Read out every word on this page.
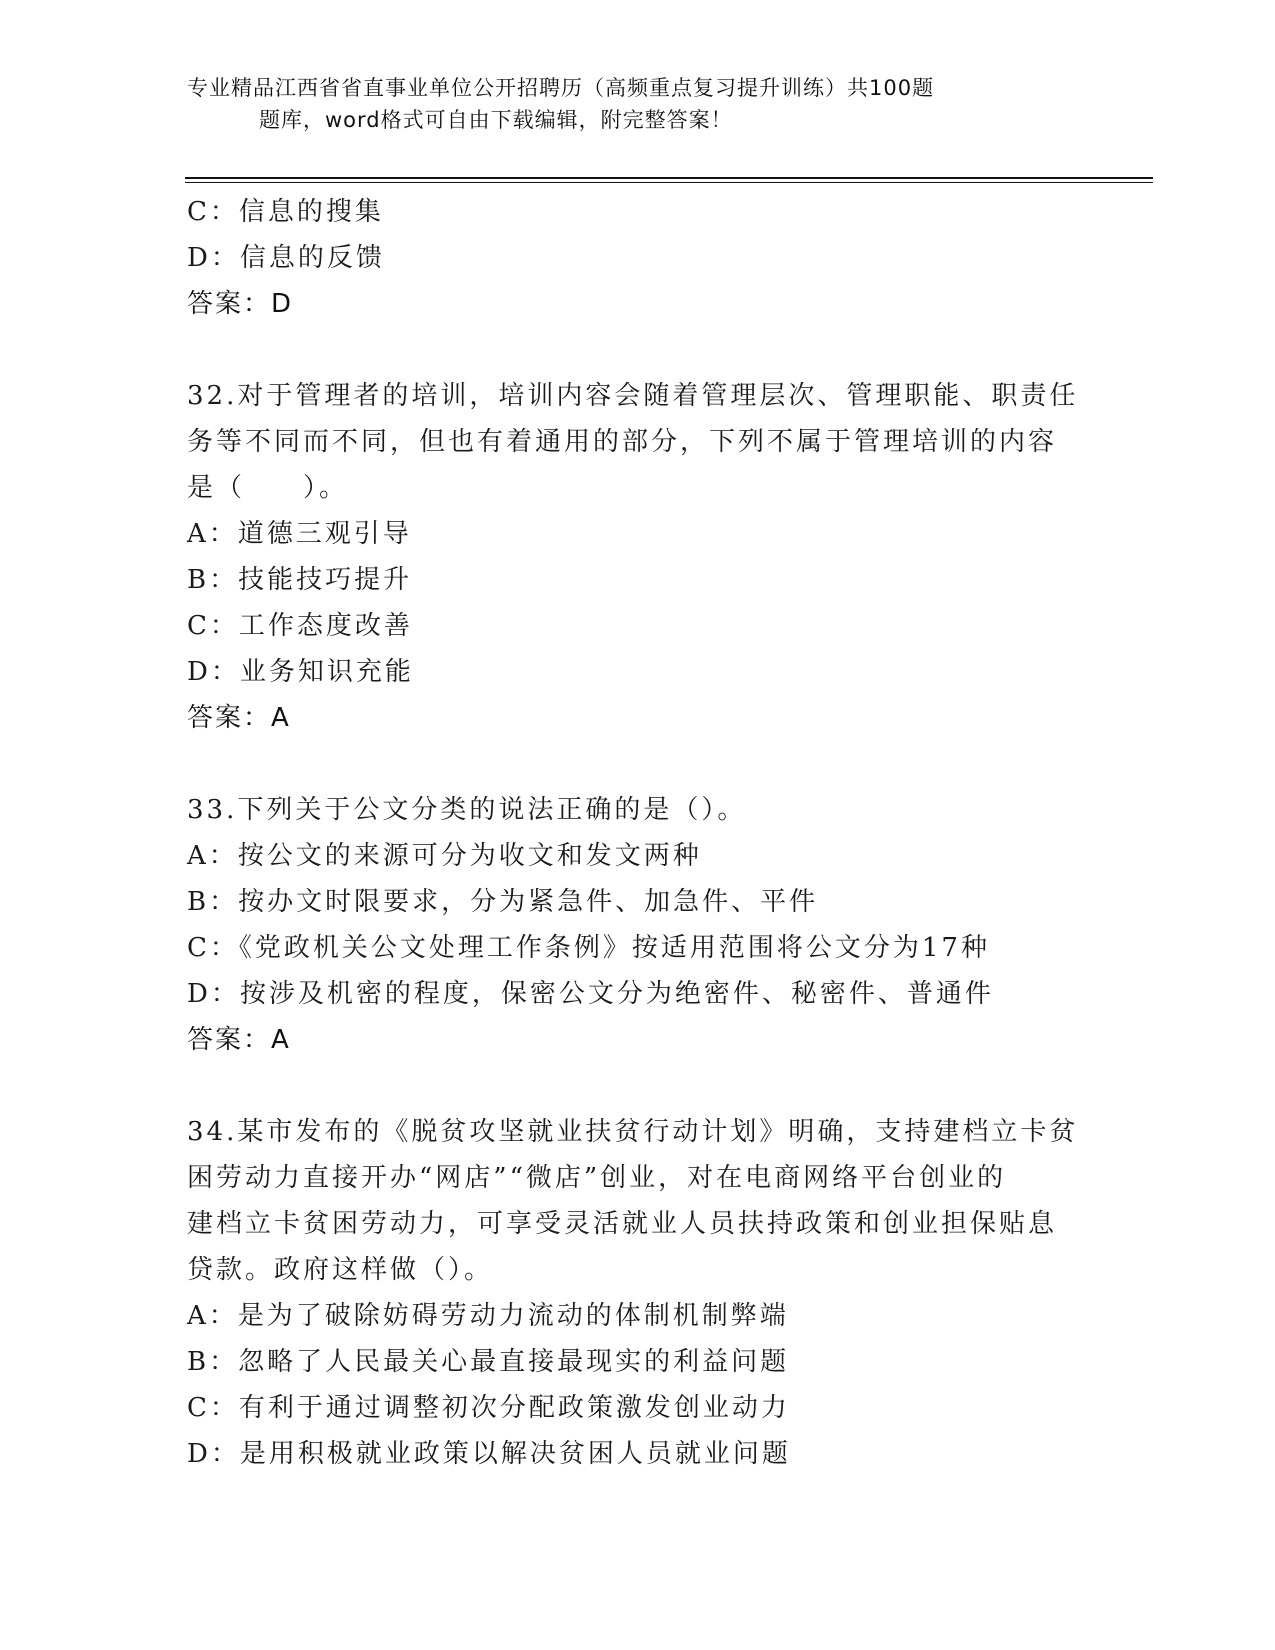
专业精品江西省省直事业单位公开招聘历（高频重点复习提升训练）共100题
题库，word格式可自由下载编辑，附完整答案！
C：信息的搜集
D：信息的反馈
答案：D
32.对于管理者的培训，培训内容会随着管理层次、管理职能、职责任
务等不同而不同，但也有着通用的部分，下列不属于管理培训的内容
是（　　）。
A：道德三观引导
B：技能技巧提升
C：工作态度改善
D：业务知识充能
答案：A
33.下列关于公文分类的说法正确的是（）。
A：按公文的来源可分为收文和发文两种
B：按办文时限要求，分为紧急件、加急件、平件
C：《党政机关公文处理工作条例》按适用范围将公文分为17种
D：按涉及机密的程度，保密公文分为绝密件、秘密件、普通件
答案：A
34.某市发布的《脱贫攻坚就业扶贫行动计划》明确，支持建档立卡贫
困劳动力直接开办“网店”“微店”创业，对在电商网络平台创业的
建档立卡贫困劳动力，可享受灵活就业人员扶持政策和创业担保贴息
贷款。政府这样做（）。
A：是为了破除妨碍劳动力流动的体制机制弊端
B：忽略了人民最关心最直接最现实的利益问题
C：有利于通过调整初次分配政策激发创业动力
D：是用积极就业政策以解决贫困人员就业问题
